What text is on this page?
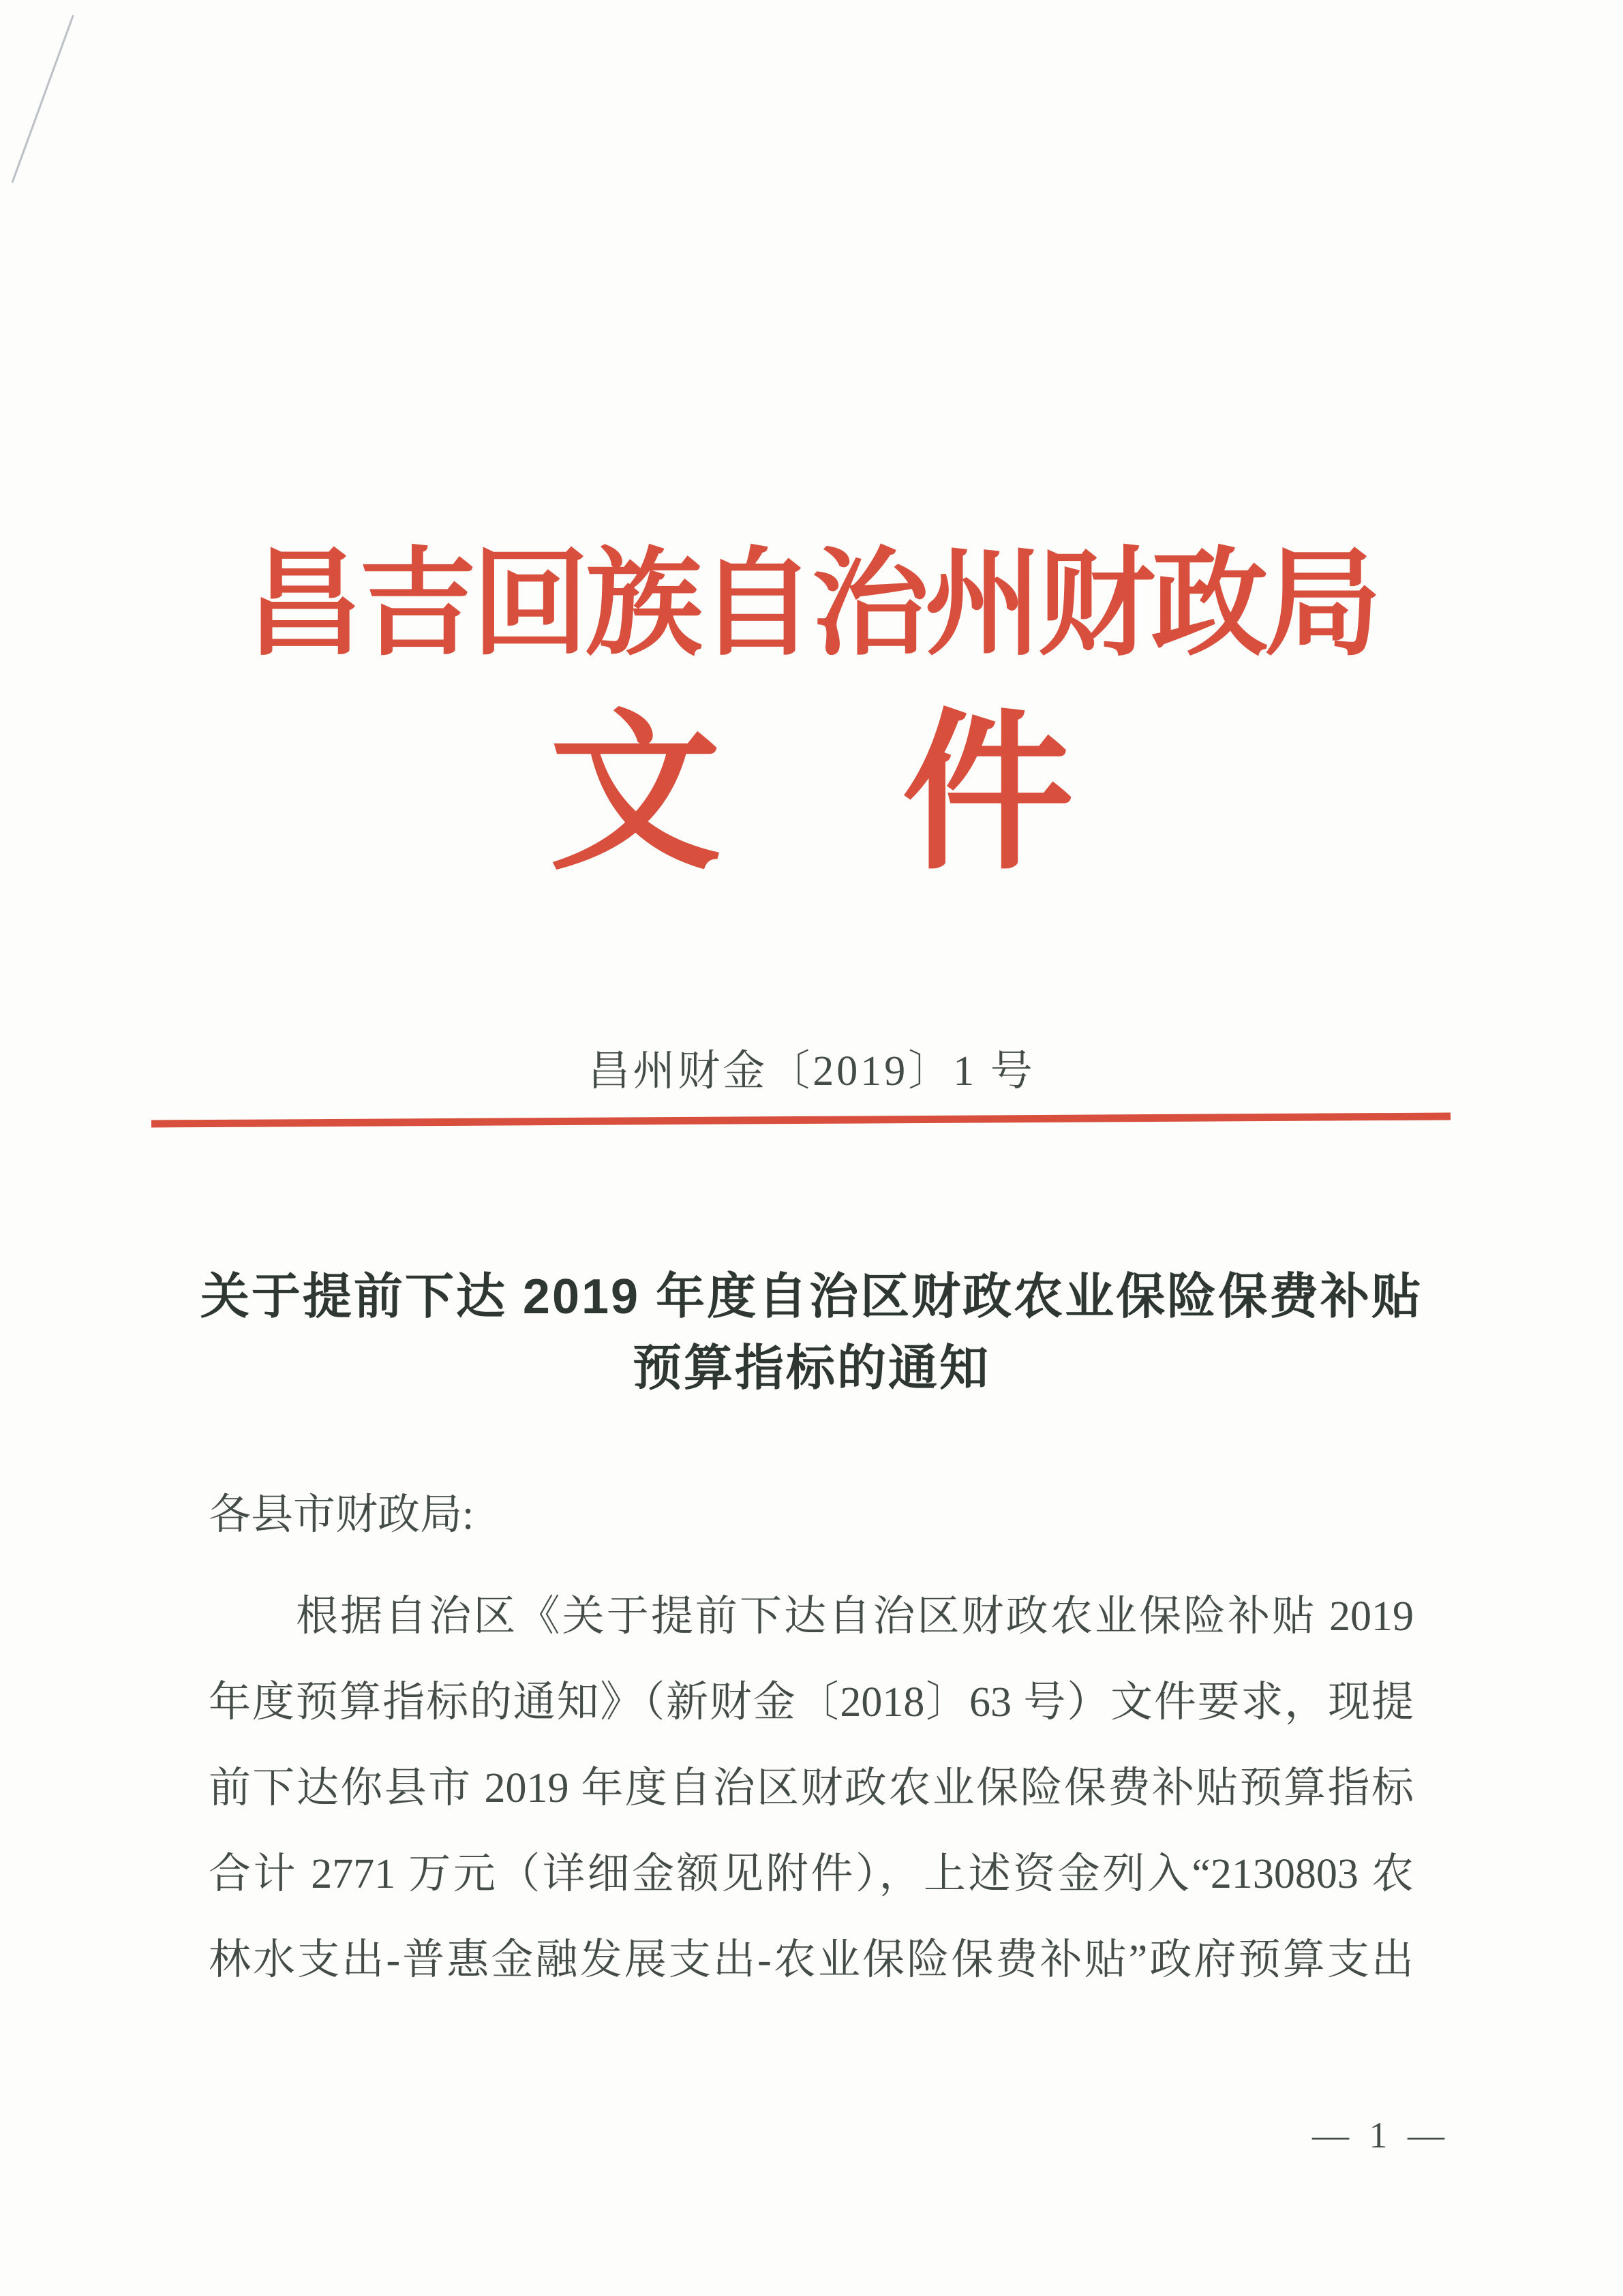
昌吉回族自治州财政局
文 件
昌州财金〔2019〕1 号
关于提前下达 2019 年度自治区财政农业保险保费补贴
预算指标的通知
各县市财政局:
根据自治区《关于提前下达自治区财政农业保险补贴 2019
年度预算指标的通知》（新财金〔2018〕63 号）文件要求，现提
前下达你县市 2019 年度自治区财政农业保险保费补贴预算指标
合计 2771 万元（详细金额见附件），上述资金列入“2130803 农
林水支出-普惠金融发展支出-农业保险保费补贴”政府预算支出
— 1 —
